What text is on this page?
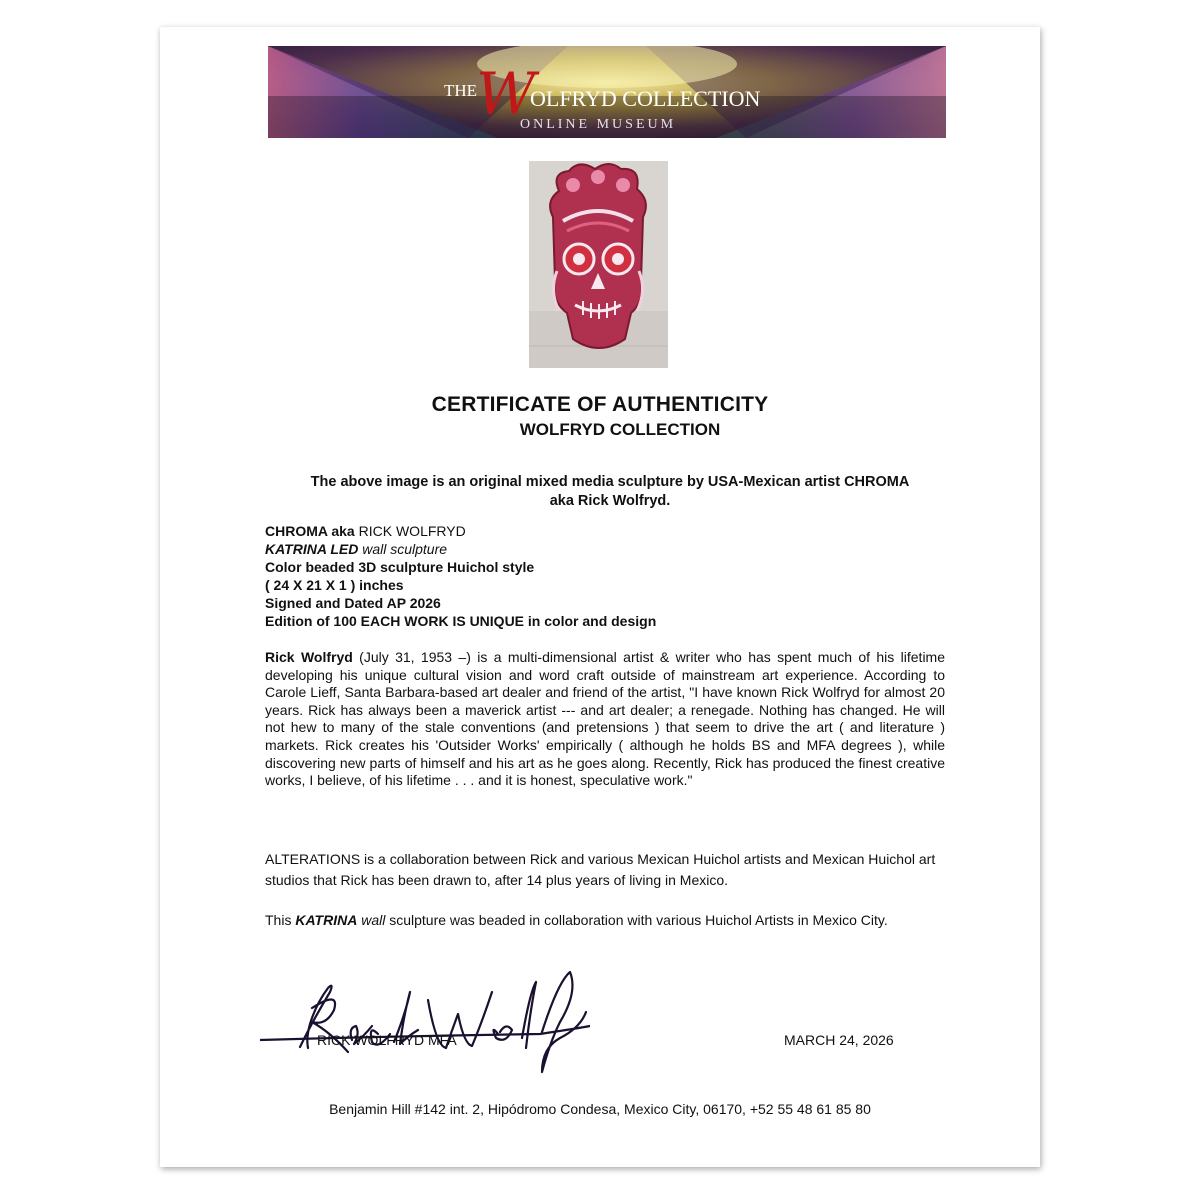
THE
W
OLFRYD COLLECTION
ONLINE MUSEUM
CERTIFICATE OF AUTHENTICITY
WOLFRYD COLLECTION
The above image is an original mixed media sculpture by USA-Mexican artist CHROMA
aka Rick Wolfryd.
CHROMA aka RICK WOLFRYD
KATRINA LED wall sculpture
Color beaded 3D sculpture Huichol style
( 24 X 21 X 1 ) inches
Signed and Dated AP 2026
Edition of 100 EACH WORK IS UNIQUE in color and design
Rick Wolfryd (July 31, 1953 –) is a multi-dimensional artist & writer who has spent much of his lifetime developing his unique cultural vision and word craft outside of mainstream art experience. According to Carole Lieff, Santa Barbara-based art dealer and friend of the artist, "I have known Rick Wolfryd for almost 20 years. Rick has always been a maverick artist --- and art dealer; a renegade. Nothing has changed. He will not hew to many of the stale conventions (and pretensions ) that seem to drive the art ( and literature ) markets. Rick creates his 'Outsider Works' empirically ( although he holds BS and MFA degrees ), while discovering new parts of himself and his art as he goes along. Recently, Rick has produced the finest creative works, I believe, of his lifetime . . . and it is honest, speculative work."
ALTERATIONS is a collaboration between Rick and various Mexican Huichol artists and Mexican Huichol art studios that Rick has been drawn to, after 14 plus years of living in Mexico.
This KATRINA wall sculpture was beaded in collaboration with various Huichol Artists in Mexico City.
RICK WOLFRYD MFA	MARCH 24, 2026
Benjamin Hill #142 int. 2, Hipódromo Condesa, Mexico City, 06170, +52 55 48 61 85 80
